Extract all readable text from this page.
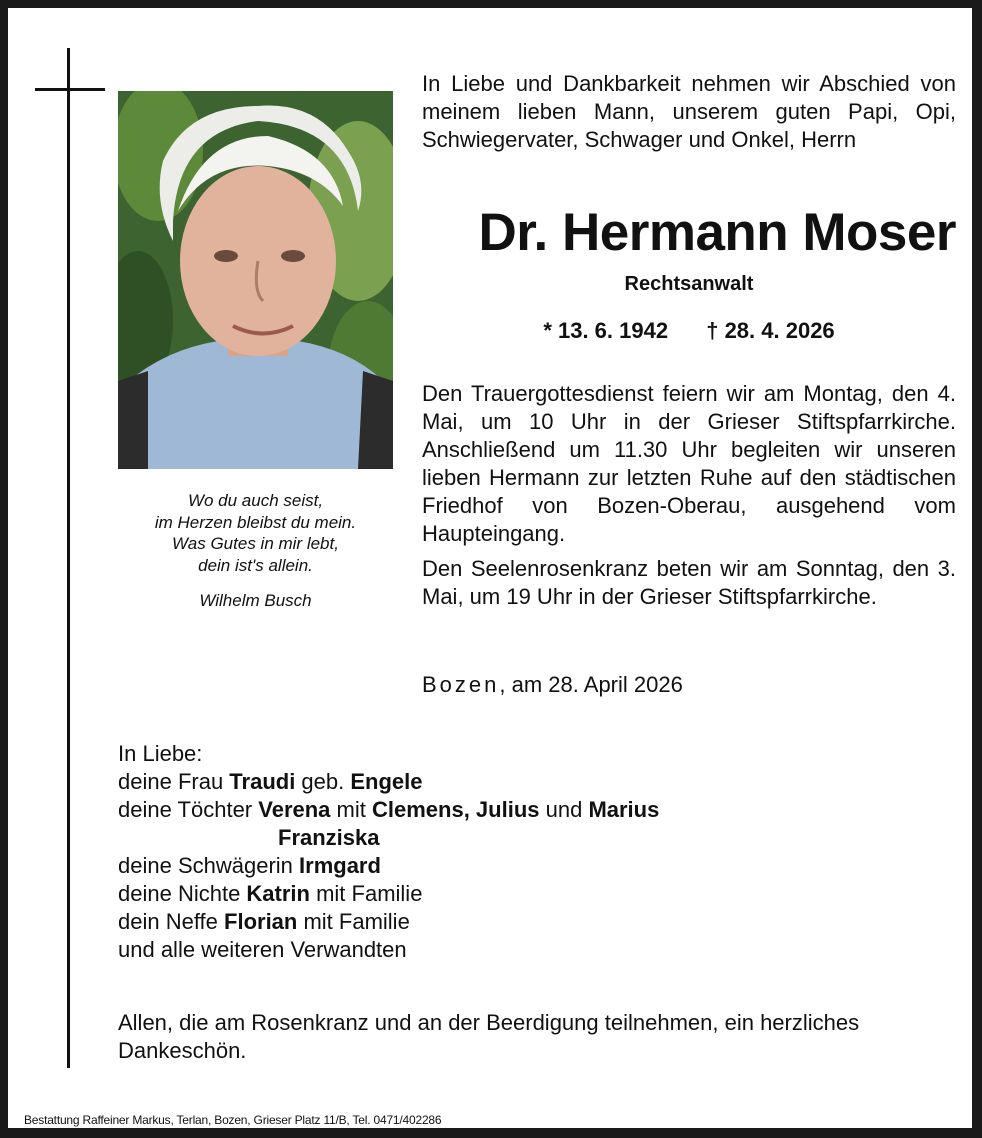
Wo du auch seist,

im Herzen bleibst du mein.

Was Gutes in mir lebt,

dein ist's allein.

Wilhelm Busch

In Liebe und Dankbarkeit nehmen wir Abschied von meinem lieben Mann, unserem guten Papi, Opi, Schwiegervater, Schwager und Onkel, Herrn

Dr. Hermann Moser
Rechtsanwalt
* 13. 6. 1942 † 28. 4. 2026

Den Trauergottesdienst feiern wir am Montag, den 4. Mai, um 10 Uhr in der Grieser Stiftspfarrkirche. Anschließend um 11.30 Uhr begleiten wir unseren lieben Hermann zur letzten Ruhe auf den städtischen Friedhof von Bozen-Oberau, ausgehend vom Haupteingang.

Den Seelenrosenkranz beten wir am Sonntag, den 3. Mai, um 19 Uhr in der Grieser Stiftspfarrkirche.

Bozen, am 28. April 2026
In Liebe:
deine Frau Traudi geb. Engele
deine Töchter Verena mit Clemens, Julius und Marius
Franziska
deine Schwägerin Irmgard
deine Nichte Katrin mit Familie
dein Neffe Florian mit Familie
und alle weiteren Verwandten
Allen, die am Rosenkranz und an der Beerdigung teilnehmen, ein herzliches Dankeschön.
Bestattung Raffeiner Markus, Terlan, Bozen, Grieser Platz 11/B, Tel. 0471/402286
